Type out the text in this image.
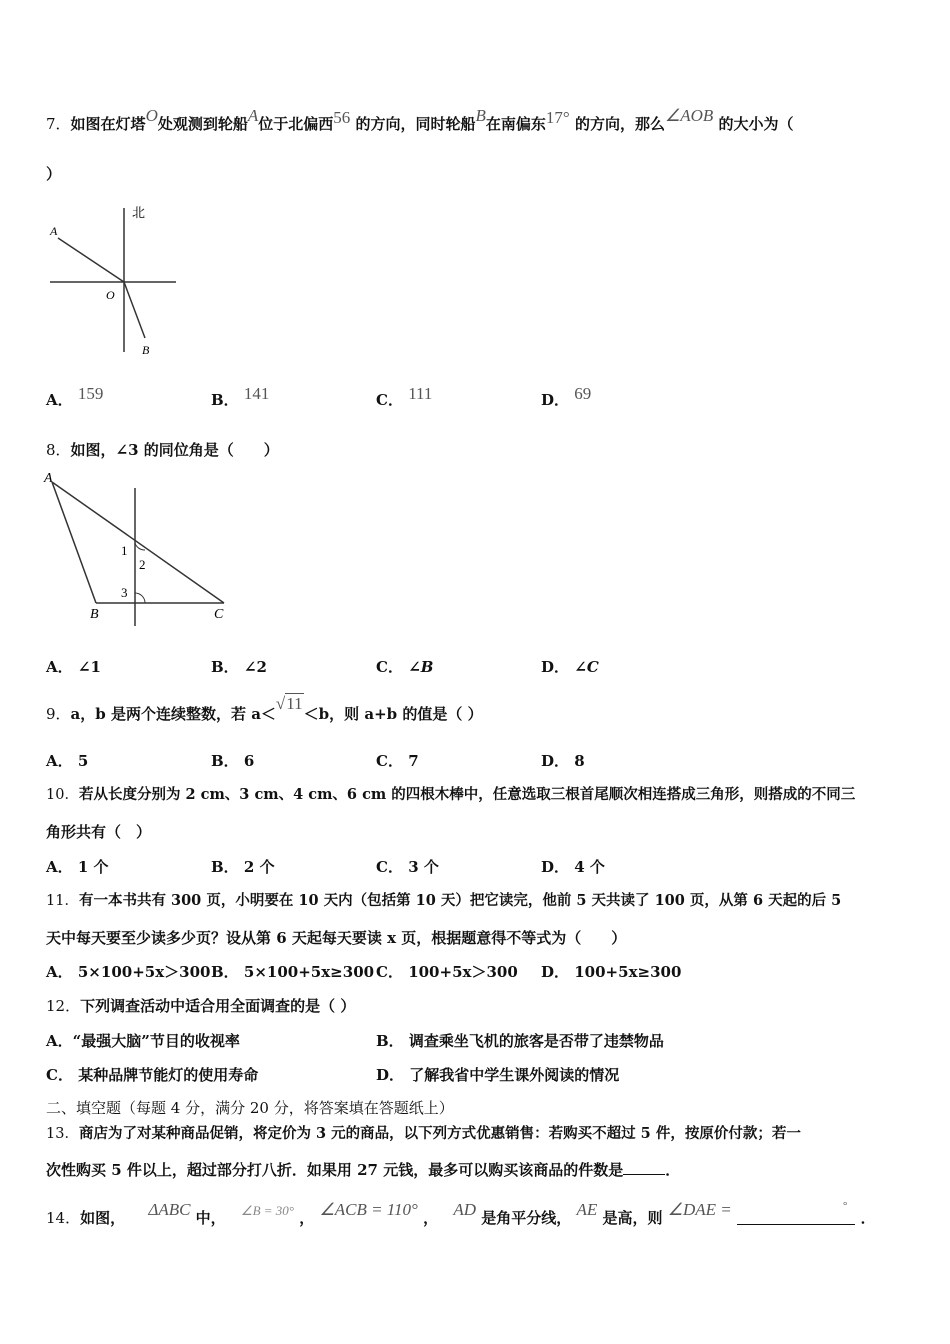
7．如图在灯塔O处观测到轮船A位于北偏西56 的方向，同时轮船B在南偏东17° 的方向，那么∠AOB 的大小为（
）
北
A
O
B
A． 159	B． 141	C． 111	D． 69
8．如图，∠3 的同位角是（　　）
A
B	C
1
2
3
A． ∠1	B． ∠2	C． ∠B	D． ∠C
9．a，b 是两个连续整数，若 a＜√11＜b，则 a+b 的值是（ ）
A． 5	B． 6	C． 7	D． 8
10．若从长度分别为 2 cm、3 cm、4 cm、6 cm 的四根木棒中，任意选取三根首尾顺次相连搭成三角形，则搭成的不同三
角形共有（　）
A． 1 个	B． 2 个	C． 3 个	D． 4 个
11．有一本书共有 300 页，小明要在 10 天内（包括第 10 天）把它读完，他前 5 天共读了 100 页，从第 6 天起的后 5
天中每天要至少读多少页？设从第 6 天起每天要读 x 页，根据题意得不等式为（　　）
A． 5×100+5x＞300 B． 5×100+5x≥300 C． 100+5x＞300 D． 100+5x≥300
12．下列调查活动中适合用全面调查的是（ ）
A．“最强大脑”节目的收视率	B． 调查乘坐飞机的旅客是否带了违禁物品
C． 某种品牌节能灯的使用寿命	D． 了解我省中学生课外阅读的情况
二、填空题（每题 4 分，满分 20 分，将答案填在答题纸上）
13．商店为了对某种商品促销，将定价为 3 元的商品，以下列方式优惠销售：若购买不超过 5 件，按原价付款；若一
次性购买 5 件以上，超过部分打八折．如果用 27 元钱，最多可以购买该商品的件数是	．
14．如图， ΔABC 中， ∠B = 30° ， ∠ACB = 110° ， AD 是角平分线， AE 是高，则 ∠DAE =	° ．
